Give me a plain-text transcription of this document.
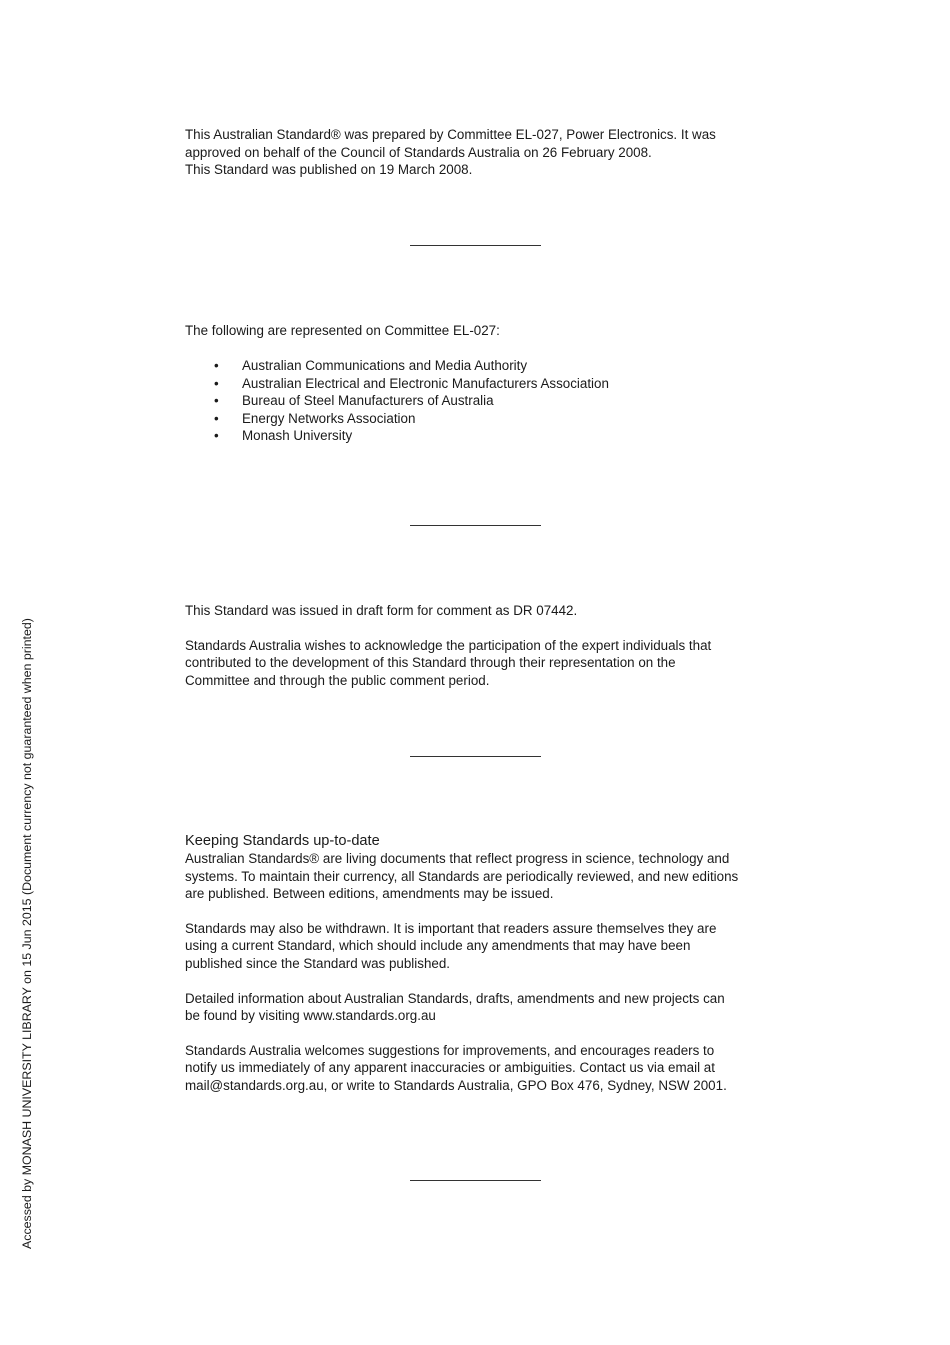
This Australian Standard® was prepared by Committee EL-027, Power Electronics. It was
approved on behalf of the Council of Standards Australia on 26 February 2008.
This Standard was published on 19 March 2008.

The following are represented on Committee EL-027:

• Australian Communications and Media Authority
• Australian Electrical and Electronic Manufacturers Association
• Bureau of Steel Manufacturers of Australia
• Energy Networks Association
• Monash University

This Standard was issued in draft form for comment as DR 07442.

Standards Australia wishes to acknowledge the participation of the expert individuals that
contributed to the development of this Standard through their representation on the
Committee and through the public comment period.
Keeping Standards up-to-date
Australian Standards® are living documents that reflect progress in science, technology and
systems. To maintain their currency, all Standards are periodically reviewed, and new editions
are published. Between editions, amendments may be issued.
Standards may also be withdrawn. It is important that readers assure themselves they are
using a current Standard, which should include any amendments that may have been
published since the Standard was published.
Detailed information about Australian Standards, drafts, amendments and new projects can
be found by visiting www.standards.org.au
Standards Australia welcomes suggestions for improvements, and encourages readers to
notify us immediately of any apparent inaccuracies or ambiguities. Contact us via email at
mail@standards.org.au, or write to Standards Australia, GPO Box 476, Sydney, NSW 2001.
Accessed by MONASH UNIVERSITY LIBRARY on 15 Jun 2015 (Document currency not guaranteed when printed)
